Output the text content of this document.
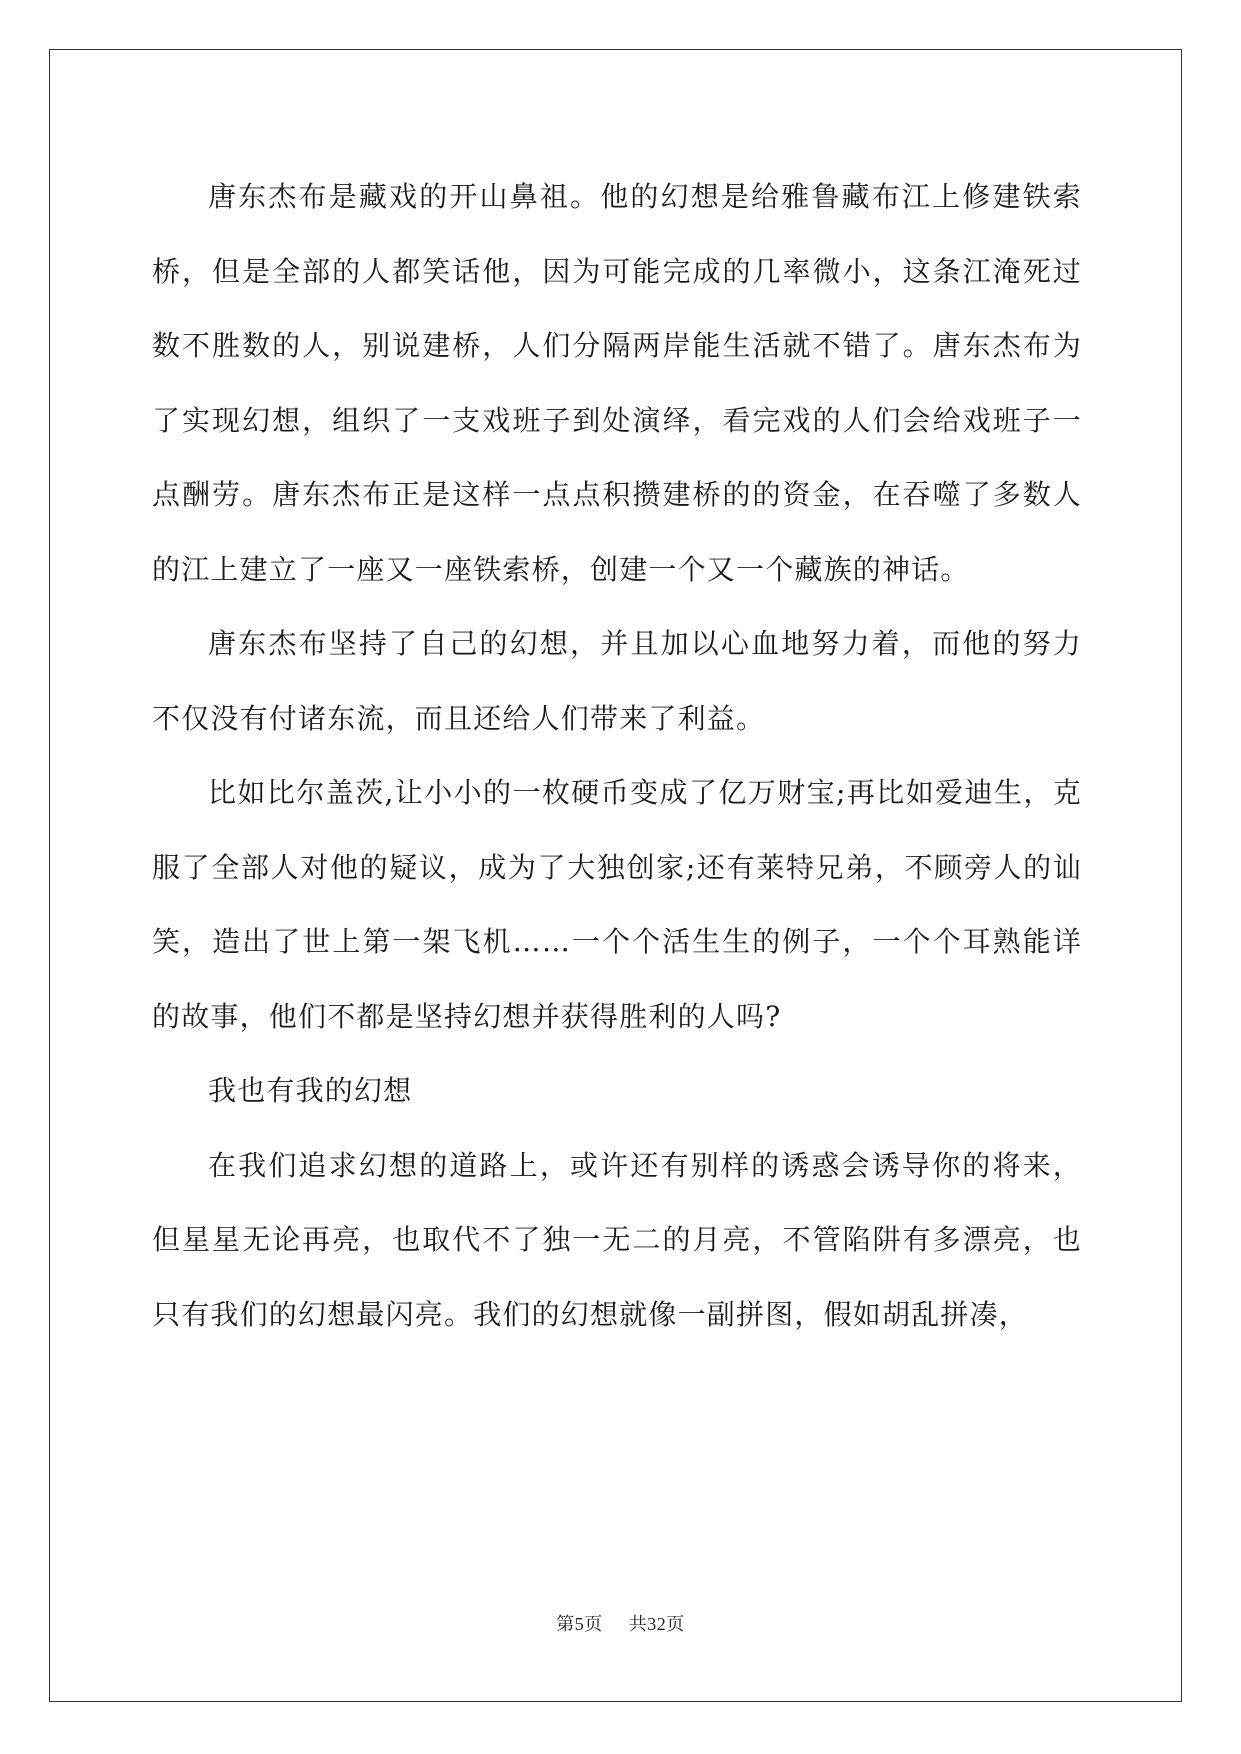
唐东杰布是藏戏的开山鼻祖。他的幻想是给雅鲁藏布江上修建铁索桥，但是全部的人都笑话他，因为可能完成的几率微小，这条江淹死过数不胜数的人，别说建桥，人们分隔两岸能生活就不错了。唐东杰布为了实现幻想，组织了一支戏班子到处演绎，看完戏的人们会给戏班子一点酬劳。唐东杰布正是这样一点点积攒建桥的的资金，在吞噬了多数人的江上建立了一座又一座铁索桥，创建一个又一个藏族的神话。

唐东杰布坚持了自己的幻想，并且加以心血地努力着，而他的努力不仅没有付诸东流，而且还给人们带来了利益。

比如比尔盖茨,让小小的一枚硬币变成了亿万财宝;再比如爱迪生，克服了全部人对他的疑议，成为了大独创家;还有莱特兄弟，不顾旁人的讪笑，造出了世上第一架飞机……一个个活生生的例子，一个个耳熟能详的故事，他们不都是坚持幻想并获得胜利的人吗?

我也有我的幻想

在我们追求幻想的道路上，或许还有别样的诱惑会诱导你的将来，但星星无论再亮，也取代不了独一无二的月亮，不管陷阱有多漂亮，也只有我们的幻想最闪亮。我们的幻想就像一副拼图，假如胡乱拼凑，

第5页 共32页
